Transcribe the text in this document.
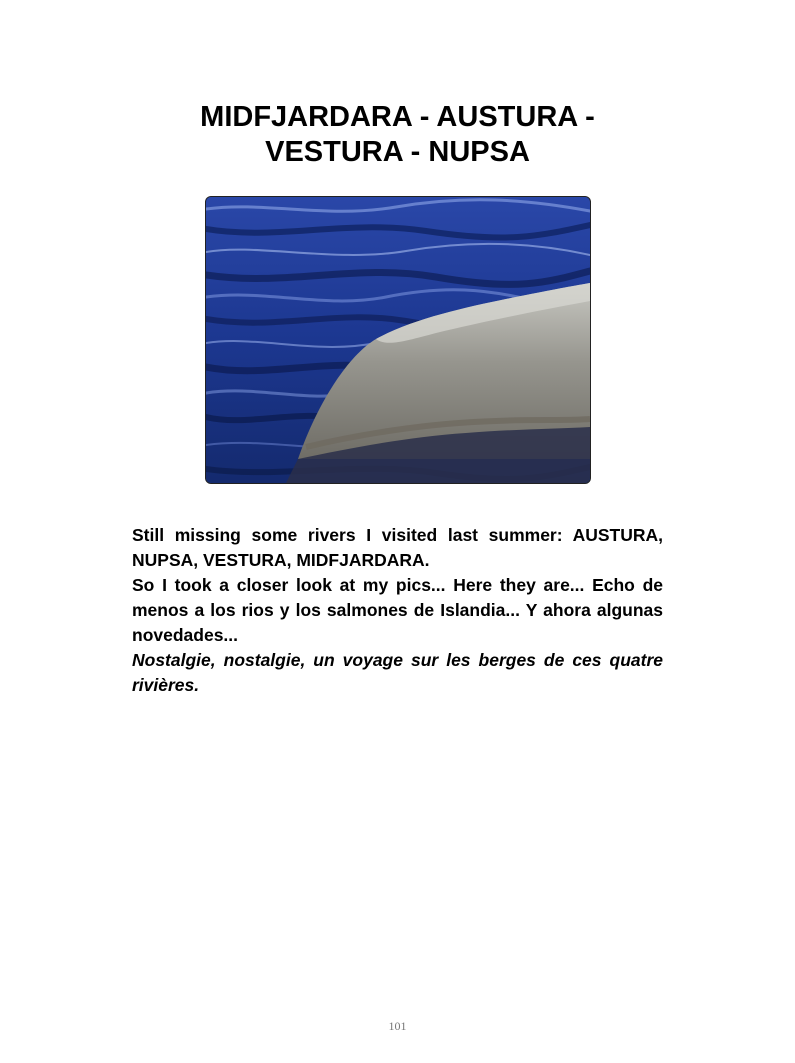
MIDFJARDARA - AUSTURA -
VESTURA - NUPSA

Still missing some rivers I visited last summer: AUSTURA, NUPSA, VESTURA, MIDFJARDARA.

So I took a closer look at my pics... Here they are... Echo de menos a los rios y los salmones de Islandia... Y ahora algunas novedades...

Nostalgie, nostalgie, un voyage sur les berges de ces quatre rivières.

101
